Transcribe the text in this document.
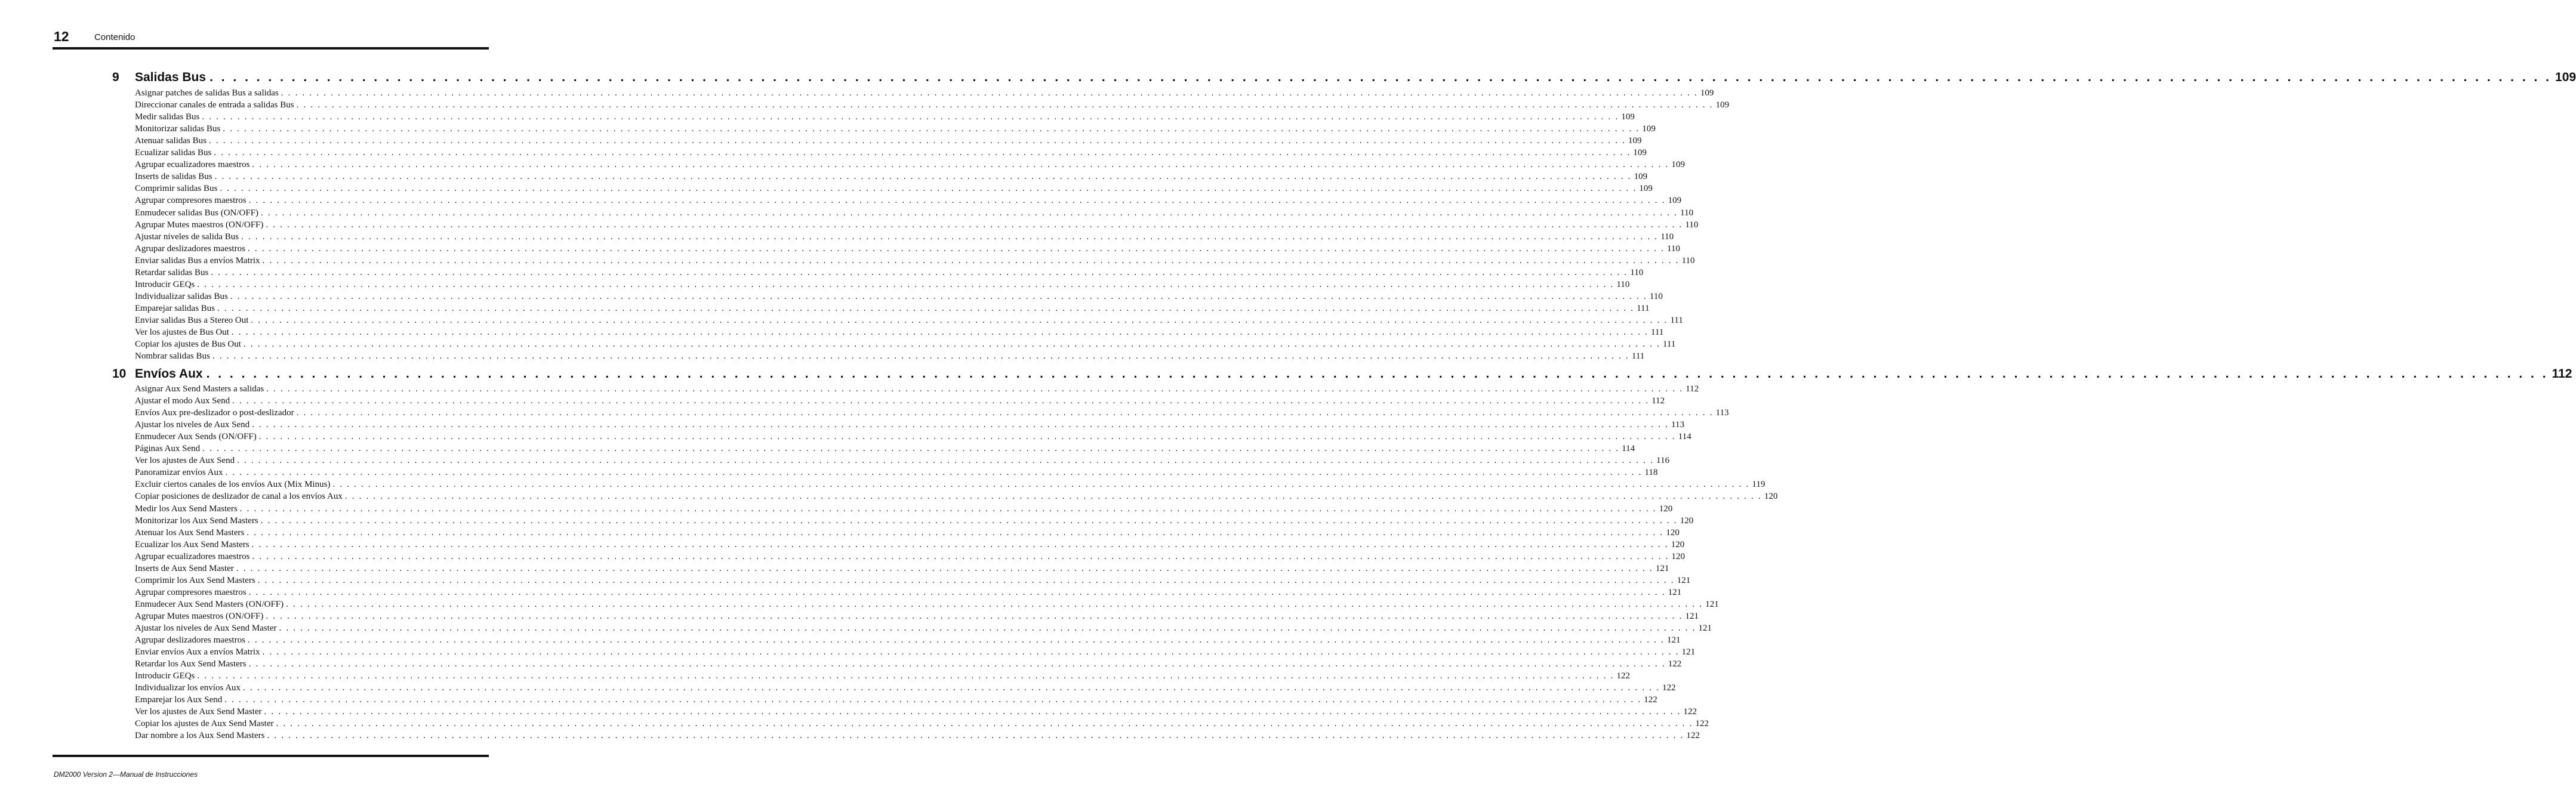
12	Contenido
9	Salidas Bus . . . . . . . . . . . . . . . . . . . . . . . . . . . . . . . . . . . . . . . . . . . . . . . . . . . . . . . . . . . . . . . . . . . . . . . . . . . . . . . . . . . . . . . . . . . . . . . . . . . . . . . . . . . . . . . . . . . . . . . . . . . . . . . . . . . . . . . . . . . . . . . . . . . . . . . . . . . . . . . . . . . . . . . . . . . . . . . . . . . . . . . . . . . . . . . . . . . . . . . . 109
Asignar patches de salidas Bus a salidas . . . . . . . . . . . . . . . . . . . . . . . . . . . . . . . . . . . . . . . . . . . . . . . . . . . . . . . . . . . . . . . . . . . . . . . . . . . . . . . . . . . . . . . . . . . . . . . . . . . . . . . . . . . . . . . . . . . . . . . . . . . . . . . . . . . . . . . . . . . . . . . . . . . . . . . . . . . . . . . . . . . . . . . . . . . . . . . . . . . . . . . . . . . . . . . . . . . . . . . . 109
Direccionar canales de entrada a salidas Bus . . . . . . . . . . . . . . . . . . . . . . . . . . . . . . . . . . . . . . . . . . . . . . . . . . . . . . . . . . . . . . . . . . . . . . . . . . . . . . . . . . . . . . . . . . . . . . . . . . . . . . . . . . . . . . . . . . . . . . . . . . . . . . . . . . . . . . . . . . . . . . . . . . . . . . . . . . . . . . . . . . . . . . . . . . . . . . . . . . . . . . . . . . . . . . . . . . . . . . . . 109
Medir salidas Bus . . . . . . . . . . . . . . . . . . . . . . . . . . . . . . . . . . . . . . . . . . . . . . . . . . . . . . . . . . . . . . . . . . . . . . . . . . . . . . . . . . . . . . . . . . . . . . . . . . . . . . . . . . . . . . . . . . . . . . . . . . . . . . . . . . . . . . . . . . . . . . . . . . . . . . . . . . . . . . . . . . . . . . . . . . . . . . . . . . . . . . . . . . . . . . . . . . . . . . . . 109
Monitorizar salidas Bus . . . . . . . . . . . . . . . . . . . . . . . . . . . . . . . . . . . . . . . . . . . . . . . . . . . . . . . . . . . . . . . . . . . . . . . . . . . . . . . . . . . . . . . . . . . . . . . . . . . . . . . . . . . . . . . . . . . . . . . . . . . . . . . . . . . . . . . . . . . . . . . . . . . . . . . . . . . . . . . . . . . . . . . . . . . . . . . . . . . . . . . . . . . . . . . . . . . . . . . . 109
Atenuar salidas Bus . . . . . . . . . . . . . . . . . . . . . . . . . . . . . . . . . . . . . . . . . . . . . . . . . . . . . . . . . . . . . . . . . . . . . . . . . . . . . . . . . . . . . . . . . . . . . . . . . . . . . . . . . . . . . . . . . . . . . . . . . . . . . . . . . . . . . . . . . . . . . . . . . . . . . . . . . . . . . . . . . . . . . . . . . . . . . . . . . . . . . . . . . . . . . . . . . . . . . . . . 109
Ecualizar salidas Bus . . . . . . . . . . . . . . . . . . . . . . . . . . . . . . . . . . . . . . . . . . . . . . . . . . . . . . . . . . . . . . . . . . . . . . . . . . . . . . . . . . . . . . . . . . . . . . . . . . . . . . . . . . . . . . . . . . . . . . . . . . . . . . . . . . . . . . . . . . . . . . . . . . . . . . . . . . . . . . . . . . . . . . . . . . . . . . . . . . . . . . . . . . . . . . . . . . . . . . . . 109
Agrupar ecualizadores maestros . . . . . . . . . . . . . . . . . . . . . . . . . . . . . . . . . . . . . . . . . . . . . . . . . . . . . . . . . . . . . . . . . . . . . . . . . . . . . . . . . . . . . . . . . . . . . . . . . . . . . . . . . . . . . . . . . . . . . . . . . . . . . . . . . . . . . . . . . . . . . . . . . . . . . . . . . . . . . . . . . . . . . . . . . . . . . . . . . . . . . . . . . . . . . . . . . . . . . . . . 109
Inserts de salidas Bus . . . . . . . . . . . . . . . . . . . . . . . . . . . . . . . . . . . . . . . . . . . . . . . . . . . . . . . . . . . . . . . . . . . . . . . . . . . . . . . . . . . . . . . . . . . . . . . . . . . . . . . . . . . . . . . . . . . . . . . . . . . . . . . . . . . . . . . . . . . . . . . . . . . . . . . . . . . . . . . . . . . . . . . . . . . . . . . . . . . . . . . . . . . . . . . . . . . . . . . . 109
Comprimir salidas Bus . . . . . . . . . . . . . . . . . . . . . . . . . . . . . . . . . . . . . . . . . . . . . . . . . . . . . . . . . . . . . . . . . . . . . . . . . . . . . . . . . . . . . . . . . . . . . . . . . . . . . . . . . . . . . . . . . . . . . . . . . . . . . . . . . . . . . . . . . . . . . . . . . . . . . . . . . . . . . . . . . . . . . . . . . . . . . . . . . . . . . . . . . . . . . . . . . . . . . . . . 109
Agrupar compresores maestros . . . . . . . . . . . . . . . . . . . . . . . . . . . . . . . . . . . . . . . . . . . . . . . . . . . . . . . . . . . . . . . . . . . . . . . . . . . . . . . . . . . . . . . . . . . . . . . . . . . . . . . . . . . . . . . . . . . . . . . . . . . . . . . . . . . . . . . . . . . . . . . . . . . . . . . . . . . . . . . . . . . . . . . . . . . . . . . . . . . . . . . . . . . . . . . . . . . . . . . . 109
Enmudecer salidas Bus (ON/OFF) . . . . . . . . . . . . . . . . . . . . . . . . . . . . . . . . . . . . . . . . . . . . . . . . . . . . . . . . . . . . . . . . . . . . . . . . . . . . . . . . . . . . . . . . . . . . . . . . . . . . . . . . . . . . . . . . . . . . . . . . . . . . . . . . . . . . . . . . . . . . . . . . . . . . . . . . . . . . . . . . . . . . . . . . . . . . . . . . . . . . . . . . . . . . . . . . . . . . . . . . 110
Agrupar Mutes maestros (ON/OFF) . . . . . . . . . . . . . . . . . . . . . . . . . . . . . . . . . . . . . . . . . . . . . . . . . . . . . . . . . . . . . . . . . . . . . . . . . . . . . . . . . . . . . . . . . . . . . . . . . . . . . . . . . . . . . . . . . . . . . . . . . . . . . . . . . . . . . . . . . . . . . . . . . . . . . . . . . . . . . . . . . . . . . . . . . . . . . . . . . . . . . . . . . . . . . . . . . . . . . . . . 110
Ajustar niveles de salida Bus . . . . . . . . . . . . . . . . . . . . . . . . . . . . . . . . . . . . . . . . . . . . . . . . . . . . . . . . . . . . . . . . . . . . . . . . . . . . . . . . . . . . . . . . . . . . . . . . . . . . . . . . . . . . . . . . . . . . . . . . . . . . . . . . . . . . . . . . . . . . . . . . . . . . . . . . . . . . . . . . . . . . . . . . . . . . . . . . . . . . . . . . . . . . . . . . . . . . . . . . 110
Agrupar deslizadores maestros . . . . . . . . . . . . . . . . . . . . . . . . . . . . . . . . . . . . . . . . . . . . . . . . . . . . . . . . . . . . . . . . . . . . . . . . . . . . . . . . . . . . . . . . . . . . . . . . . . . . . . . . . . . . . . . . . . . . . . . . . . . . . . . . . . . . . . . . . . . . . . . . . . . . . . . . . . . . . . . . . . . . . . . . . . . . . . . . . . . . . . . . . . . . . . . . . . . . . . . . 110
Enviar salidas Bus a envíos Matrix . . . . . . . . . . . . . . . . . . . . . . . . . . . . . . . . . . . . . . . . . . . . . . . . . . . . . . . . . . . . . . . . . . . . . . . . . . . . . . . . . . . . . . . . . . . . . . . . . . . . . . . . . . . . . . . . . . . . . . . . . . . . . . . . . . . . . . . . . . . . . . . . . . . . . . . . . . . . . . . . . . . . . . . . . . . . . . . . . . . . . . . . . . . . . . . . . . . . . . . . 110
Retardar salidas Bus . . . . . . . . . . . . . . . . . . . . . . . . . . . . . . . . . . . . . . . . . . . . . . . . . . . . . . . . . . . . . . . . . . . . . . . . . . . . . . . . . . . . . . . . . . . . . . . . . . . . . . . . . . . . . . . . . . . . . . . . . . . . . . . . . . . . . . . . . . . . . . . . . . . . . . . . . . . . . . . . . . . . . . . . . . . . . . . . . . . . . . . . . . . . . . . . . . . . . . . . 110
Introducir GEQs . . . . . . . . . . . . . . . . . . . . . . . . . . . . . . . . . . . . . . . . . . . . . . . . . . . . . . . . . . . . . . . . . . . . . . . . . . . . . . . . . . . . . . . . . . . . . . . . . . . . . . . . . . . . . . . . . . . . . . . . . . . . . . . . . . . . . . . . . . . . . . . . . . . . . . . . . . . . . . . . . . . . . . . . . . . . . . . . . . . . . . . . . . . . . . . . . . . . . . . . 110
Individualizar salidas Bus . . . . . . . . . . . . . . . . . . . . . . . . . . . . . . . . . . . . . . . . . . . . . . . . . . . . . . . . . . . . . . . . . . . . . . . . . . . . . . . . . . . . . . . . . . . . . . . . . . . . . . . . . . . . . . . . . . . . . . . . . . . . . . . . . . . . . . . . . . . . . . . . . . . . . . . . . . . . . . . . . . . . . . . . . . . . . . . . . . . . . . . . . . . . . . . . . . . . . . . . 110
Emparejar salidas Bus . . . . . . . . . . . . . . . . . . . . . . . . . . . . . . . . . . . . . . . . . . . . . . . . . . . . . . . . . . . . . . . . . . . . . . . . . . . . . . . . . . . . . . . . . . . . . . . . . . . . . . . . . . . . . . . . . . . . . . . . . . . . . . . . . . . . . . . . . . . . . . . . . . . . . . . . . . . . . . . . . . . . . . . . . . . . . . . . . . . . . . . . . . . . . . . . . . . . . . . . 111
Enviar salidas Bus a Stereo Out . . . . . . . . . . . . . . . . . . . . . . . . . . . . . . . . . . . . . . . . . . . . . . . . . . . . . . . . . . . . . . . . . . . . . . . . . . . . . . . . . . . . . . . . . . . . . . . . . . . . . . . . . . . . . . . . . . . . . . . . . . . . . . . . . . . . . . . . . . . . . . . . . . . . . . . . . . . . . . . . . . . . . . . . . . . . . . . . . . . . . . . . . . . . . . . . . . . . . . . . 111
Ver los ajustes de Bus Out . . . . . . . . . . . . . . . . . . . . . . . . . . . . . . . . . . . . . . . . . . . . . . . . . . . . . . . . . . . . . . . . . . . . . . . . . . . . . . . . . . . . . . . . . . . . . . . . . . . . . . . . . . . . . . . . . . . . . . . . . . . . . . . . . . . . . . . . . . . . . . . . . . . . . . . . . . . . . . . . . . . . . . . . . . . . . . . . . . . . . . . . . . . . . . . . . . . . . . . . 111
Copiar los ajustes de Bus Out . . . . . . . . . . . . . . . . . . . . . . . . . . . . . . . . . . . . . . . . . . . . . . . . . . . . . . . . . . . . . . . . . . . . . . . . . . . . . . . . . . . . . . . . . . . . . . . . . . . . . . . . . . . . . . . . . . . . . . . . . . . . . . . . . . . . . . . . . . . . . . . . . . . . . . . . . . . . . . . . . . . . . . . . . . . . . . . . . . . . . . . . . . . . . . . . . . . . . . . . 111
Nombrar salidas Bus . . . . . . . . . . . . . . . . . . . . . . . . . . . . . . . . . . . . . . . . . . . . . . . . . . . . . . . . . . . . . . . . . . . . . . . . . . . . . . . . . . . . . . . . . . . . . . . . . . . . . . . . . . . . . . . . . . . . . . . . . . . . . . . . . . . . . . . . . . . . . . . . . . . . . . . . . . . . . . . . . . . . . . . . . . . . . . . . . . . . . . . . . . . . . . . . . . . . . . . . 111
10 Envíos Aux . . . . . . . . . . . . . . . . . . . . . . . . . . . . . . . . . . . . . . . . . . . . . . . . . . . . . . . . . . . . . . . . . . . . . . . . . . . . . . . . . . . . . . . . . . . . . . . . . . . . . . . . . . . . . . . . . . . . . . . . . . . . . . . . . . . . . . . . . . . . . . . . . . . . . . . . . . . . . . . . . . . . . . . . . . . . . . . . . . . . . . . . . . . . . . . . . . . . . . . . 112
Asignar Aux Send Masters a salidas . . . . . . . . . . . . . . . . . . . . . . . . . . . . . . . . . . . . . . . . . . . . . . . . . . . . . . . . . . . . . . . . . . . . . . . . . . . . . . . . . . . . . . . . . . . . . . . . . . . . . . . . . . . . . . . . . . . . . . . . . . . . . . . . . . . . . . . . . . . . . . . . . . . . . . . . . . . . . . . . . . . . . . . . . . . . . . . . . . . . . . . . . . . . . . . . . . . . . . . . 112
Ajustar el modo Aux Send . . . . . . . . . . . . . . . . . . . . . . . . . . . . . . . . . . . . . . . . . . . . . . . . . . . . . . . . . . . . . . . . . . . . . . . . . . . . . . . . . . . . . . . . . . . . . . . . . . . . . . . . . . . . . . . . . . . . . . . . . . . . . . . . . . . . . . . . . . . . . . . . . . . . . . . . . . . . . . . . . . . . . . . . . . . . . . . . . . . . . . . . . . . . . . . . . . . . . . . . 112
Envíos Aux pre-deslizador o post-deslizador . . . . . . . . . . . . . . . . . . . . . . . . . . . . . . . . . . . . . . . . . . . . . . . . . . . . . . . . . . . . . . . . . . . . . . . . . . . . . . . . . . . . . . . . . . . . . . . . . . . . . . . . . . . . . . . . . . . . . . . . . . . . . . . . . . . . . . . . . . . . . . . . . . . . . . . . . . . . . . . . . . . . . . . . . . . . . . . . . . . . . . . . . . . . . . . . . . . . . . . . 113
Ajustar los niveles de Aux Send . . . . . . . . . . . . . . . . . . . . . . . . . . . . . . . . . . . . . . . . . . . . . . . . . . . . . . . . . . . . . . . . . . . . . . . . . . . . . . . . . . . . . . . . . . . . . . . . . . . . . . . . . . . . . . . . . . . . . . . . . . . . . . . . . . . . . . . . . . . . . . . . . . . . . . . . . . . . . . . . . . . . . . . . . . . . . . . . . . . . . . . . . . . . . . . . . . . . . . . . 113
Enmudecer Aux Sends (ON/OFF) . . . . . . . . . . . . . . . . . . . . . . . . . . . . . . . . . . . . . . . . . . . . . . . . . . . . . . . . . . . . . . . . . . . . . . . . . . . . . . . . . . . . . . . . . . . . . . . . . . . . . . . . . . . . . . . . . . . . . . . . . . . . . . . . . . . . . . . . . . . . . . . . . . . . . . . . . . . . . . . . . . . . . . . . . . . . . . . . . . . . . . . . . . . . . . . . . . . . . . . . 114
Páginas Aux Send . . . . . . . . . . . . . . . . . . . . . . . . . . . . . . . . . . . . . . . . . . . . . . . . . . . . . . . . . . . . . . . . . . . . . . . . . . . . . . . . . . . . . . . . . . . . . . . . . . . . . . . . . . . . . . . . . . . . . . . . . . . . . . . . . . . . . . . . . . . . . . . . . . . . . . . . . . . . . . . . . . . . . . . . . . . . . . . . . . . . . . . . . . . . . . . . . . . . . . . . 114
Ver los ajustes de Aux Send . . . . . . . . . . . . . . . . . . . . . . . . . . . . . . . . . . . . . . . . . . . . . . . . . . . . . . . . . . . . . . . . . . . . . . . . . . . . . . . . . . . . . . . . . . . . . . . . . . . . . . . . . . . . . . . . . . . . . . . . . . . . . . . . . . . . . . . . . . . . . . . . . . . . . . . . . . . . . . . . . . . . . . . . . . . . . . . . . . . . . . . . . . . . . . . . . . . . . . . . 116
Panoramizar envíos Aux . . . . . . . . . . . . . . . . . . . . . . . . . . . . . . . . . . . . . . . . . . . . . . . . . . . . . . . . . . . . . . . . . . . . . . . . . . . . . . . . . . . . . . . . . . . . . . . . . . . . . . . . . . . . . . . . . . . . . . . . . . . . . . . . . . . . . . . . . . . . . . . . . . . . . . . . . . . . . . . . . . . . . . . . . . . . . . . . . . . . . . . . . . . . . . . . . . . . . . . . 118
Excluir ciertos canales de los envíos Aux (Mix Minus) . . . . . . . . . . . . . . . . . . . . . . . . . . . . . . . . . . . . . . . . . . . . . . . . . . . . . . . . . . . . . . . . . . . . . . . . . . . . . . . . . . . . . . . . . . . . . . . . . . . . . . . . . . . . . . . . . . . . . . . . . . . . . . . . . . . . . . . . . . . . . . . . . . . . . . . . . . . . . . . . . . . . . . . . . . . . . . . . . . . . . . . . . . . . . . . . . . . . . . . . 119
Copiar posiciones de deslizador de canal a los envíos Aux . . . . . . . . . . . . . . . . . . . . . . . . . . . . . . . . . . . . . . . . . . . . . . . . . . . . . . . . . . . . . . . . . . . . . . . . . . . . . . . . . . . . . . . . . . . . . . . . . . . . . . . . . . . . . . . . . . . . . . . . . . . . . . . . . . . . . . . . . . . . . . . . . . . . . . . . . . . . . . . . . . . . . . . . . . . . . . . . . . . . . . . . . . . . . . . . . . . . . . . . 120
Medir los Aux Send Masters . . . . . . . . . . . . . . . . . . . . . . . . . . . . . . . . . . . . . . . . . . . . . . . . . . . . . . . . . . . . . . . . . . . . . . . . . . . . . . . . . . . . . . . . . . . . . . . . . . . . . . . . . . . . . . . . . . . . . . . . . . . . . . . . . . . . . . . . . . . . . . . . . . . . . . . . . . . . . . . . . . . . . . . . . . . . . . . . . . . . . . . . . . . . . . . . . . . . . . . . 120
Monitorizar los Aux Send Masters . . . . . . . . . . . . . . . . . . . . . . . . . . . . . . . . . . . . . . . . . . . . . . . . . . . . . . . . . . . . . . . . . . . . . . . . . . . . . . . . . . . . . . . . . . . . . . . . . . . . . . . . . . . . . . . . . . . . . . . . . . . . . . . . . . . . . . . . . . . . . . . . . . . . . . . . . . . . . . . . . . . . . . . . . . . . . . . . . . . . . . . . . . . . . . . . . . . . . . . . 120
Atenuar los Aux Send Masters . . . . . . . . . . . . . . . . . . . . . . . . . . . . . . . . . . . . . . . . . . . . . . . . . . . . . . . . . . . . . . . . . . . . . . . . . . . . . . . . . . . . . . . . . . . . . . . . . . . . . . . . . . . . . . . . . . . . . . . . . . . . . . . . . . . . . . . . . . . . . . . . . . . . . . . . . . . . . . . . . . . . . . . . . . . . . . . . . . . . . . . . . . . . . . . . . . . . . . . . 120
Ecualizar los Aux Send Masters . . . . . . . . . . . . . . . . . . . . . . . . . . . . . . . . . . . . . . . . . . . . . . . . . . . . . . . . . . . . . . . . . . . . . . . . . . . . . . . . . . . . . . . . . . . . . . . . . . . . . . . . . . . . . . . . . . . . . . . . . . . . . . . . . . . . . . . . . . . . . . . . . . . . . . . . . . . . . . . . . . . . . . . . . . . . . . . . . . . . . . . . . . . . . . . . . . . . . . . . 120
Agrupar ecualizadores maestros . . . . . . . . . . . . . . . . . . . . . . . . . . . . . . . . . . . . . . . . . . . . . . . . . . . . . . . . . . . . . . . . . . . . . . . . . . . . . . . . . . . . . . . . . . . . . . . . . . . . . . . . . . . . . . . . . . . . . . . . . . . . . . . . . . . . . . . . . . . . . . . . . . . . . . . . . . . . . . . . . . . . . . . . . . . . . . . . . . . . . . . . . . . . . . . . . . . . . . . . 120
Inserts de Aux Send Master . . . . . . . . . . . . . . . . . . . . . . . . . . . . . . . . . . . . . . . . . . . . . . . . . . . . . . . . . . . . . . . . . . . . . . . . . . . . . . . . . . . . . . . . . . . . . . . . . . . . . . . . . . . . . . . . . . . . . . . . . . . . . . . . . . . . . . . . . . . . . . . . . . . . . . . . . . . . . . . . . . . . . . . . . . . . . . . . . . . . . . . . . . . . . . . . . . . . . . . . 121
Comprimir los Aux Send Masters . . . . . . . . . . . . . . . . . . . . . . . . . . . . . . . . . . . . . . . . . . . . . . . . . . . . . . . . . . . . . . . . . . . . . . . . . . . . . . . . . . . . . . . . . . . . . . . . . . . . . . . . . . . . . . . . . . . . . . . . . . . . . . . . . . . . . . . . . . . . . . . . . . . . . . . . . . . . . . . . . . . . . . . . . . . . . . . . . . . . . . . . . . . . . . . . . . . . . . . . 121
Agrupar compresores maestros . . . . . . . . . . . . . . . . . . . . . . . . . . . . . . . . . . . . . . . . . . . . . . . . . . . . . . . . . . . . . . . . . . . . . . . . . . . . . . . . . . . . . . . . . . . . . . . . . . . . . . . . . . . . . . . . . . . . . . . . . . . . . . . . . . . . . . . . . . . . . . . . . . . . . . . . . . . . . . . . . . . . . . . . . . . . . . . . . . . . . . . . . . . . . . . . . . . . . . . . 121
Enmudecer Aux Send Masters (ON/OFF) . . . . . . . . . . . . . . . . . . . . . . . . . . . . . . . . . . . . . . . . . . . . . . . . . . . . . . . . . . . . . . . . . . . . . . . . . . . . . . . . . . . . . . . . . . . . . . . . . . . . . . . . . . . . . . . . . . . . . . . . . . . . . . . . . . . . . . . . . . . . . . . . . . . . . . . . . . . . . . . . . . . . . . . . . . . . . . . . . . . . . . . . . . . . . . . . . . . . . . . . 121
Agrupar Mutes maestros (ON/OFF) . . . . . . . . . . . . . . . . . . . . . . . . . . . . . . . . . . . . . . . . . . . . . . . . . . . . . . . . . . . . . . . . . . . . . . . . . . . . . . . . . . . . . . . . . . . . . . . . . . . . . . . . . . . . . . . . . . . . . . . . . . . . . . . . . . . . . . . . . . . . . . . . . . . . . . . . . . . . . . . . . . . . . . . . . . . . . . . . . . . . . . . . . . . . . . . . . . . . . . . . 121
Ajustar los niveles de Aux Send Master . . . . . . . . . . . . . . . . . . . . . . . . . . . . . . . . . . . . . . . . . . . . . . . . . . . . . . . . . . . . . . . . . . . . . . . . . . . . . . . . . . . . . . . . . . . . . . . . . . . . . . . . . . . . . . . . . . . . . . . . . . . . . . . . . . . . . . . . . . . . . . . . . . . . . . . . . . . . . . . . . . . . . . . . . . . . . . . . . . . . . . . . . . . . . . . . . . . . . . . . 121
Agrupar deslizadores maestros . . . . . . . . . . . . . . . . . . . . . . . . . . . . . . . . . . . . . . . . . . . . . . . . . . . . . . . . . . . . . . . . . . . . . . . . . . . . . . . . . . . . . . . . . . . . . . . . . . . . . . . . . . . . . . . . . . . . . . . . . . . . . . . . . . . . . . . . . . . . . . . . . . . . . . . . . . . . . . . . . . . . . . . . . . . . . . . . . . . . . . . . . . . . . . . . . . . . . . . . 121
Enviar envíos Aux a envíos Matrix . . . . . . . . . . . . . . . . . . . . . . . . . . . . . . . . . . . . . . . . . . . . . . . . . . . . . . . . . . . . . . . . . . . . . . . . . . . . . . . . . . . . . . . . . . . . . . . . . . . . . . . . . . . . . . . . . . . . . . . . . . . . . . . . . . . . . . . . . . . . . . . . . . . . . . . . . . . . . . . . . . . . . . . . . . . . . . . . . . . . . . . . . . . . . . . . . . . . . . . . 121
Retardar los Aux Send Masters . . . . . . . . . . . . . . . . . . . . . . . . . . . . . . . . . . . . . . . . . . . . . . . . . . . . . . . . . . . . . . . . . . . . . . . . . . . . . . . . . . . . . . . . . . . . . . . . . . . . . . . . . . . . . . . . . . . . . . . . . . . . . . . . . . . . . . . . . . . . . . . . . . . . . . . . . . . . . . . . . . . . . . . . . . . . . . . . . . . . . . . . . . . . . . . . . . . . . . . . 122
Introducir GEQs . . . . . . . . . . . . . . . . . . . . . . . . . . . . . . . . . . . . . . . . . . . . . . . . . . . . . . . . . . . . . . . . . . . . . . . . . . . . . . . . . . . . . . . . . . . . . . . . . . . . . . . . . . . . . . . . . . . . . . . . . . . . . . . . . . . . . . . . . . . . . . . . . . . . . . . . . . . . . . . . . . . . . . . . . . . . . . . . . . . . . . . . . . . . . . . . . . . . . . . . 122
Individualizar los envíos Aux . . . . . . . . . . . . . . . . . . . . . . . . . . . . . . . . . . . . . . . . . . . . . . . . . . . . . . . . . . . . . . . . . . . . . . . . . . . . . . . . . . . . . . . . . . . . . . . . . . . . . . . . . . . . . . . . . . . . . . . . . . . . . . . . . . . . . . . . . . . . . . . . . . . . . . . . . . . . . . . . . . . . . . . . . . . . . . . . . . . . . . . . . . . . . . . . . . . . . . . . 122
Emparejar los Aux Send . . . . . . . . . . . . . . . . . . . . . . . . . . . . . . . . . . . . . . . . . . . . . . . . . . . . . . . . . . . . . . . . . . . . . . . . . . . . . . . . . . . . . . . . . . . . . . . . . . . . . . . . . . . . . . . . . . . . . . . . . . . . . . . . . . . . . . . . . . . . . . . . . . . . . . . . . . . . . . . . . . . . . . . . . . . . . . . . . . . . . . . . . . . . . . . . . . . . . . . . 122
Ver los ajustes de Aux Send Master . . . . . . . . . . . . . . . . . . . . . . . . . . . . . . . . . . . . . . . . . . . . . . . . . . . . . . . . . . . . . . . . . . . . . . . . . . . . . . . . . . . . . . . . . . . . . . . . . . . . . . . . . . . . . . . . . . . . . . . . . . . . . . . . . . . . . . . . . . . . . . . . . . . . . . . . . . . . . . . . . . . . . . . . . . . . . . . . . . . . . . . . . . . . . . . . . . . . . . . . 122
Copiar los ajustes de Aux Send Master . . . . . . . . . . . . . . . . . . . . . . . . . . . . . . . . . . . . . . . . . . . . . . . . . . . . . . . . . . . . . . . . . . . . . . . . . . . . . . . . . . . . . . . . . . . . . . . . . . . . . . . . . . . . . . . . . . . . . . . . . . . . . . . . . . . . . . . . . . . . . . . . . . . . . . . . . . . . . . . . . . . . . . . . . . . . . . . . . . . . . . . . . . . . . . . . . . . . . . . . 122
Dar nombre a los Aux Send Masters . . . . . . . . . . . . . . . . . . . . . . . . . . . . . . . . . . . . . . . . . . . . . . . . . . . . . . . . . . . . . . . . . . . . . . . . . . . . . . . . . . . . . . . . . . . . . . . . . . . . . . . . . . . . . . . . . . . . . . . . . . . . . . . . . . . . . . . . . . . . . . . . . . . . . . . . . . . . . . . . . . . . . . . . . . . . . . . . . . . . . . . . . . . . . . . . . . . . . . . . 122
DM2000 Version 2—Manual de Instrucciones
